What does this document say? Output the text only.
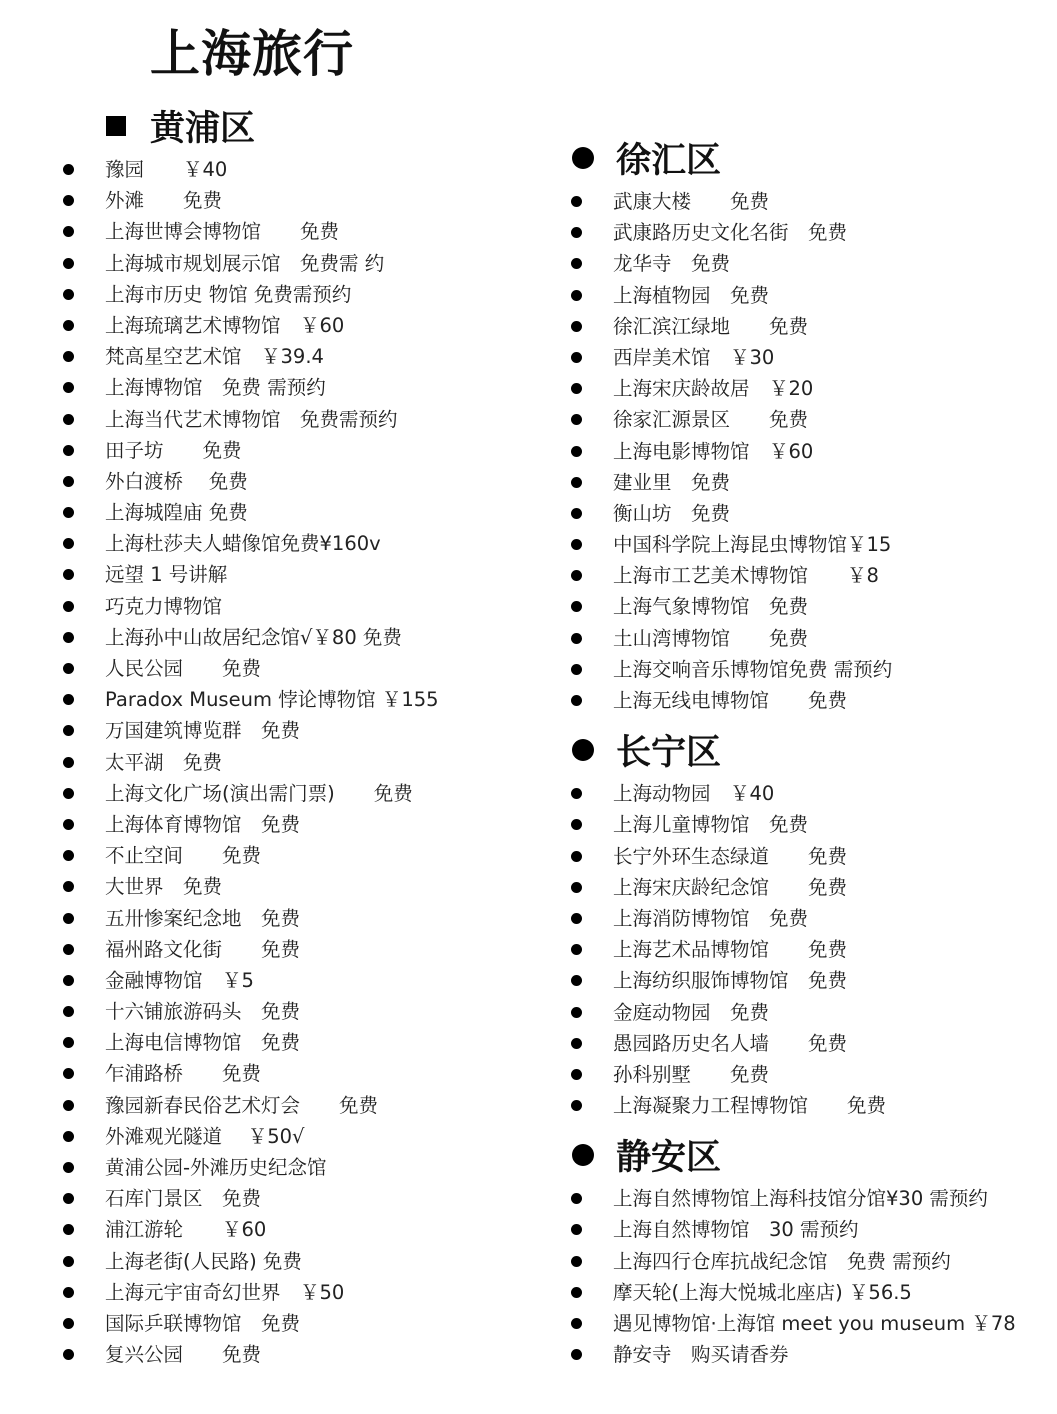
上海旅行
黄浦区
豫园　　￥40
外滩　　免费
上海世博会博物馆　　免费
上海城市规划展示馆　免费需 约
上海市历史 物馆 免费需预约
上海琉璃艺术博物馆　￥60
梵高星空艺术馆　￥39.4
上海博物馆　免费 需预约
上海当代艺术博物馆　免费需预约
田子坊　　免费
外白渡桥　 免费
上海城隍庙 免费
上海杜莎夫人蜡像馆免费¥160v
远望 1 号讲解
巧克力博物馆
上海孙中山故居纪念馆√￥80 免费
人民公园　　免费
Paradox Museum 悖论博物馆 ￥155
万国建筑博览群　免费
太平湖　免费
上海文化广场(演出需门票)　　免费
上海体育博物馆　免费
不止空间　　免费
大世界　免费
五卅惨案纪念地　免费
福州路文化街　　免费
金融博物馆　￥5
十六铺旅游码头　免费
上海电信博物馆　免费
乍浦路桥　　免费
豫园新春民俗艺术灯会　　免费
外滩观光隧道　 ￥50√
黄浦公园-外滩历史纪念馆
石库门景区　免费
浦江游轮　　￥60
上海老街(人民路) 免费
上海元宇宙奇幻世界　￥50
国际乒联博物馆　免费
复兴公园　　免费
徐汇区
武康大楼　　免费
武康路历史文化名街　免费
龙华寺　免费
上海植物园　免费
徐汇滨江绿地　　免费
西岸美术馆　￥30
上海宋庆龄故居　￥20
徐家汇源景区　　免费
上海电影博物馆　￥60
建业里　免费
衡山坊　免费
中国科学院上海昆虫博物馆￥15
上海市工艺美术博物馆　　￥8
上海气象博物馆　免费
土山湾博物馆　　免费
上海交响音乐博物馆免费 需预约
上海无线电博物馆　　免费
长宁区
上海动物园　￥40
上海儿童博物馆　免费
长宁外环生态绿道　　免费
上海宋庆龄纪念馆　　免费
上海消防博物馆　免费
上海艺术品博物馆　　免费
上海纺织服饰博物馆　免费
金庭动物园　免费
愚园路历史名人墙　　免费
孙科别墅　　免费
上海凝聚力工程博物馆　　免费
静安区
上海自然博物馆上海科技馆分馆¥30 需预约
上海自然博物馆　30 需预约
上海四行仓库抗战纪念馆　免费 需预约
摩天轮(上海大悦城北座店) ￥56.5
遇见博物馆·上海馆 meet you museum ￥78
静安寺　购买请香券
